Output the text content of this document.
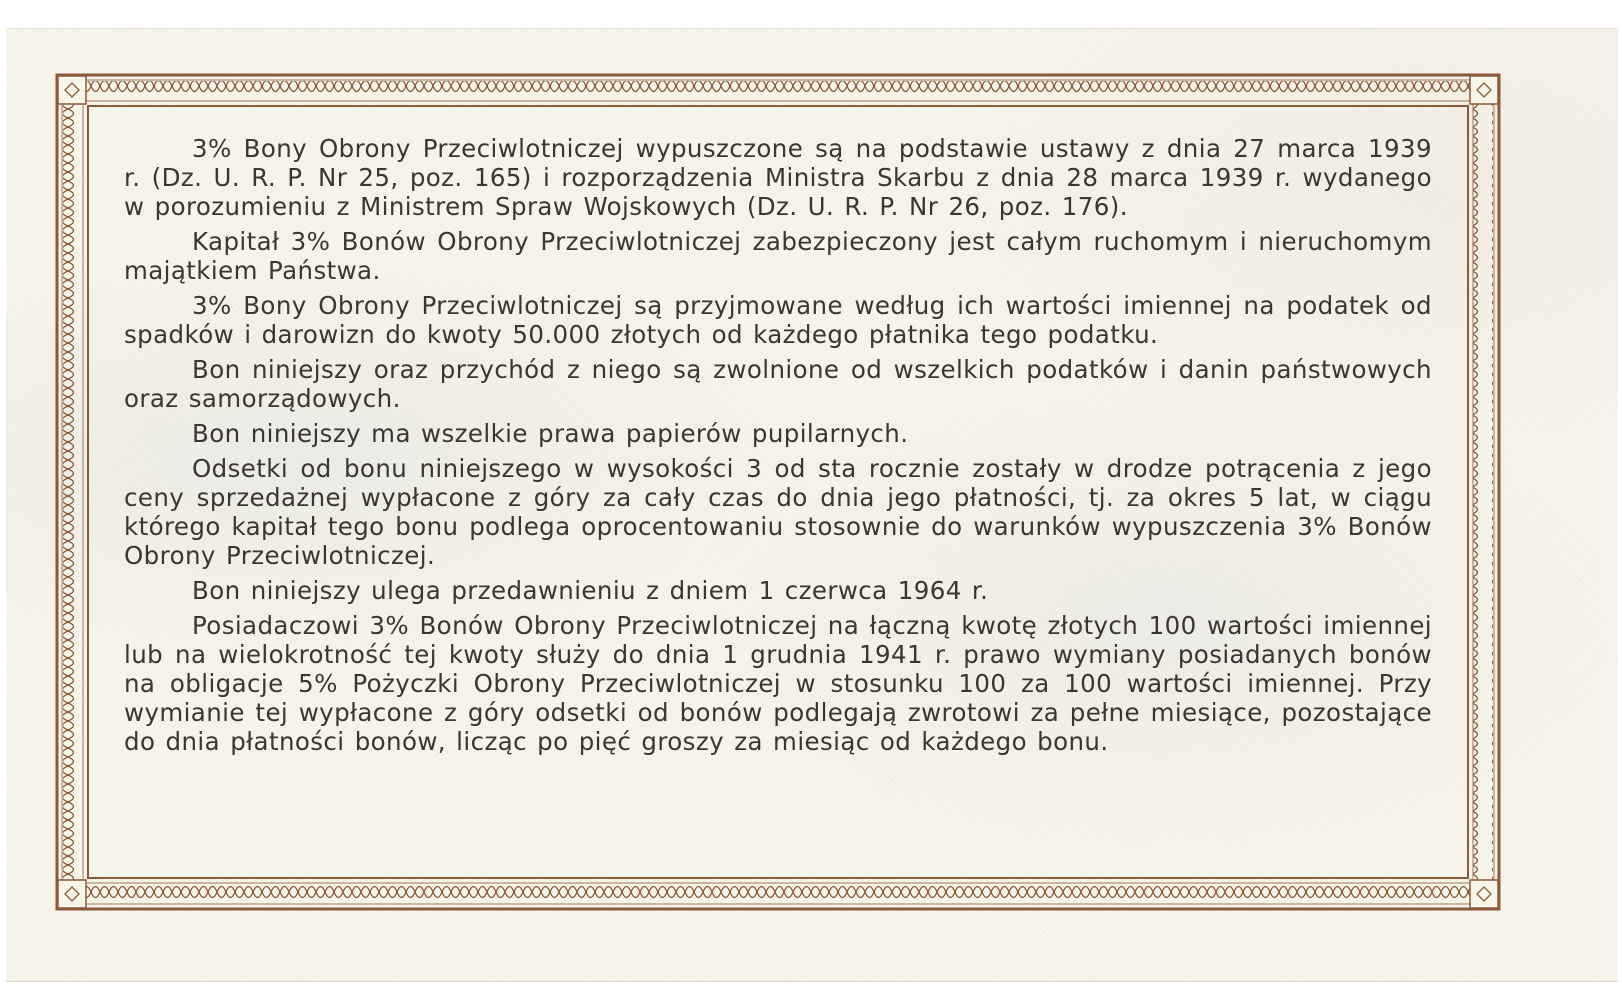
3% Bony Obrony Przeciwlotniczej wypuszczone są na podstawie ustawy z dnia 27 marca 1939 r. (Dz. U. R. P. Nr 25, poz. 165) i rozporządzenia Ministra Skarbu z dnia 28 marca 1939 r. wydanego w porozumieniu z Ministrem Spraw Wojskowych (Dz. U. R. P. Nr 26, poz. 176).

Kapitał 3% Bonów Obrony Przeciwlotniczej zabezpieczony jest całym ruchomym i nieruchomym majątkiem Państwa.

3% Bony Obrony Przeciwlotniczej są przyjmowane według ich wartości imiennej na podatek od spadków i darowizn do kwoty 50.000 złotych od każdego płatnika tego podatku.

Bon niniejszy oraz przychód z niego są zwolnione od wszelkich podatków i danin państwowych oraz samorządowych.

Bon niniejszy ma wszelkie prawa papierów pupilarnych.

Odsetki od bonu niniejszego w wysokości 3 od sta rocznie zostały w drodze potrącenia z jego ceny sprzedażnej wypłacone z góry za cały czas do dnia jego płatności, tj. za okres 5 lat, w ciągu którego kapitał tego bonu podlega oprocentowaniu stosownie do warunków wypuszczenia 3% Bonów Obrony Przeciwlotniczej.

Bon niniejszy ulega przedawnieniu z dniem 1 czerwca 1964 r.

Posiadaczowi 3% Bonów Obrony Przeciwlotniczej na łączną kwotę złotych 100 wartości imiennej lub na wielokrotność tej kwoty służy do dnia 1 grudnia 1941 r. prawo wymiany posiadanych bonów na obligacje 5% Pożyczki Obrony Przeciwlotniczej w stosunku 100 za 100 wartości imiennej. Przy wymianie tej wypłacone z góry odsetki od bonów podlegają zwrotowi za pełne miesiące, pozostające do dnia płatności bonów, licząc po pięć groszy za miesiąc od każdego bonu.
